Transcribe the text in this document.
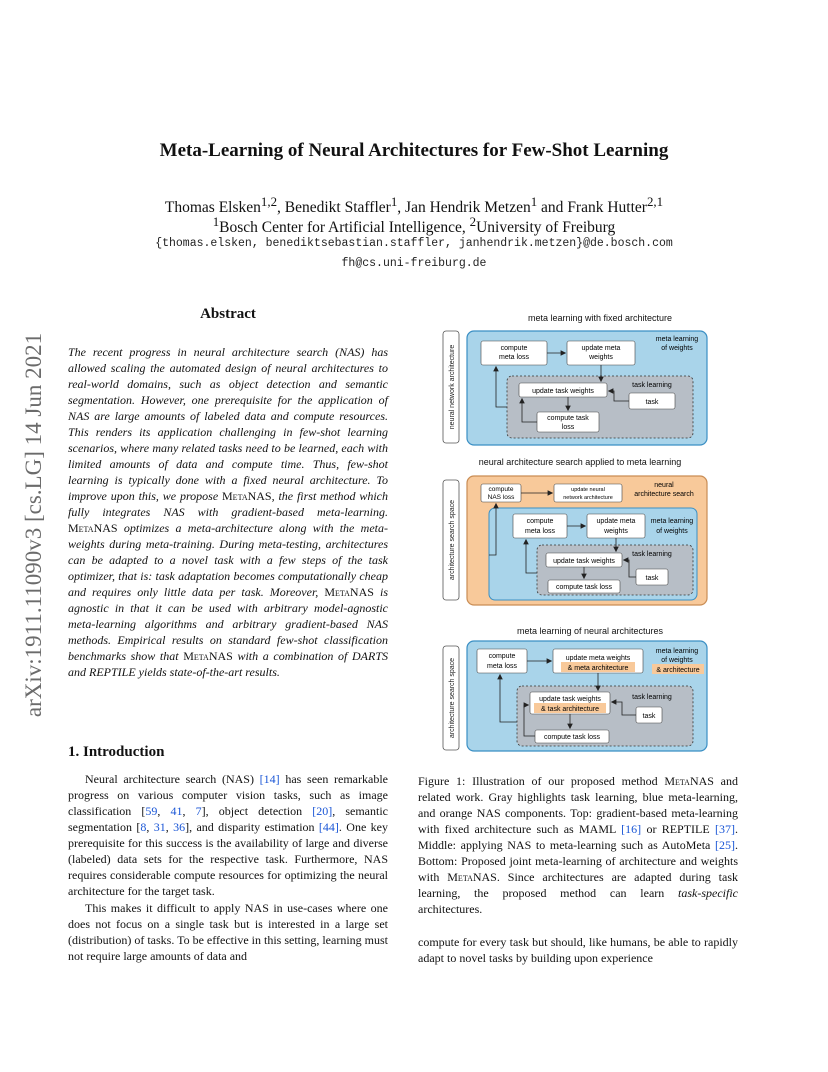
Meta-Learning of Neural Architectures for Few-Shot Learning
Thomas Elsken$^{1,2}$, Benedikt Staffler$^1$, Jan Hendrik Metzen$^1$ and Frank Hutter$^{2,1}$
$^1$Bosch Center for Artificial Intelligence, $^2$University of Freiburg
{thomas.elsken, benediktsebastian.staffler, janhendrik.metzen}@de.bosch.com
fh@cs.uni-freiburg.de
arXiv:1911.11090v3 [cs.LG] 14 Jun 2021
Abstract
The recent progress in neural architecture search (NAS) has allowed scaling the automated design of neural architectures to real-world domains, such as object detection and semantic segmentation. However, one prerequisite for the application of NAS are large amounts of labeled data and compute resources. This renders its application challenging in few-shot learning scenarios, where many related tasks need to be learned, each with limited amounts of data and compute time. Thus, few-shot learning is typically done with a fixed neural architecture. To improve upon this, we propose MetaNAS, the first method which fully integrates NAS with gradient-based meta-learning. MetaNAS optimizes a meta-architecture along with the meta-weights during meta-training. During meta-testing, architectures can be adapted to a novel task with a few steps of the task optimizer, that is: task adaptation becomes computationally cheap and requires only little data per task. Moreover, MetaNAS is agnostic in that it can be used with arbitrary model-agnostic meta-learning algorithms and arbitrary gradient-based NAS methods. Empirical results on standard few-shot classification benchmarks show that MetaNAS with a combination of DARTS and REPTILE yields state-of-the-art results.
1. Introduction

Neural architecture search (NAS) [14] has seen remarkable progress on various computer vision tasks, such as image classification [59, 41, 7], object detection [20], semantic segmentation [8, 31, 36], and disparity estimation [44]. One key prerequisite for this success is the availability of large and diverse (labeled) data sets for the respective task. Furthermore, NAS requires considerable compute resources for optimizing the neural architecture for the target task.

This makes it difficult to apply NAS in use-cases where one does not focus on a single task but is interested in a large set (distribution) of tasks. To be effective in this setting, learning must not require large amounts of data and

meta learning with fixed architecture
neural network architecture	compute
meta loss
update meta
weights
meta learning
of weights
task learning
update task weights
task
compute task
loss
neural architecture search applied to meta learning
architecture search space
compute
NAS loss
update neural
network architecture
neural
architecture search
compute
meta loss
update meta
weights
meta learning
of weights
task learning
update task weights
task
compute task loss
meta learning of neural architectures
architecture search space
compute
meta loss
update meta weights
& meta architecture
meta learning
of weights
& architecture
task learning
update task weights
& task architecture
task
compute task loss
Figure 1: Illustration of our proposed method MetaNAS and related work. Gray highlights task learning, blue meta-learning, and orange NAS components. Top: gradient-based meta-learning with fixed architecture such as MAML [16] or REPTILE [37]. Middle: applying NAS to meta-learning such as AutoMeta [25]. Bottom: Proposed joint meta-learning of architecture and weights with MetaNAS. Since architectures are adapted during task learning, the proposed method can learn task-specific architectures.
compute for every task but should, like humans, be able to rapidly adapt to novel tasks by building upon experience
